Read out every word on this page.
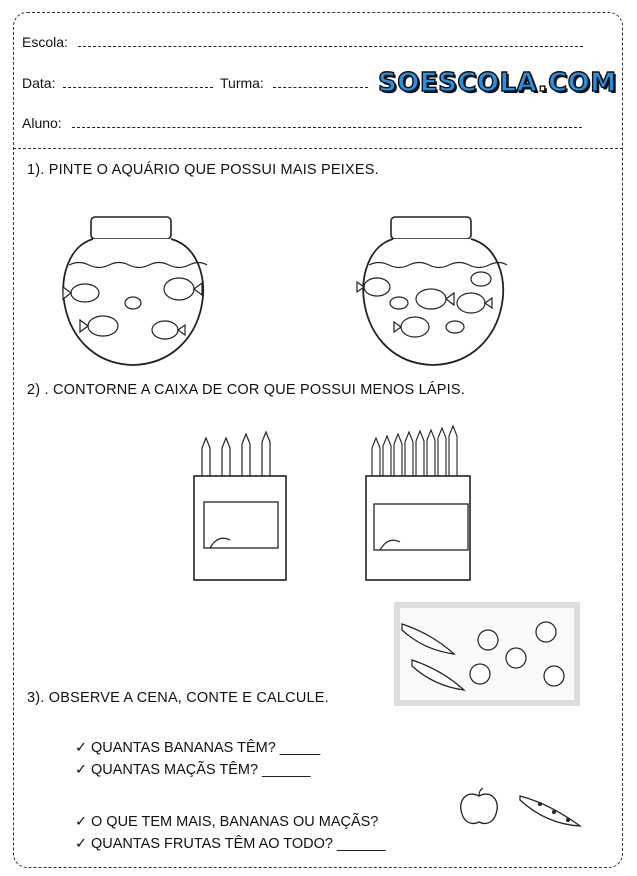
Escola:
Data:	Turma:	SOESCOLA.COM
Aluno:
1). PINTE O AQUÁRIO QUE POSSUI MAIS PEIXES.
2) . CONTORNE A CAIXA DE COR QUE POSSUI MENOS LÁPIS.
3). OBSERVE A CENA, CONTE E CALCULE.
✓ QUANTAS BANANAS TÊM? _____
✓ QUANTAS MAÇÃS TÊM? ______
✓ O QUE TEM MAIS, BANANAS OU MAÇÃS?
✓ QUANTAS FRUTAS TÊM AO TODO? ______
